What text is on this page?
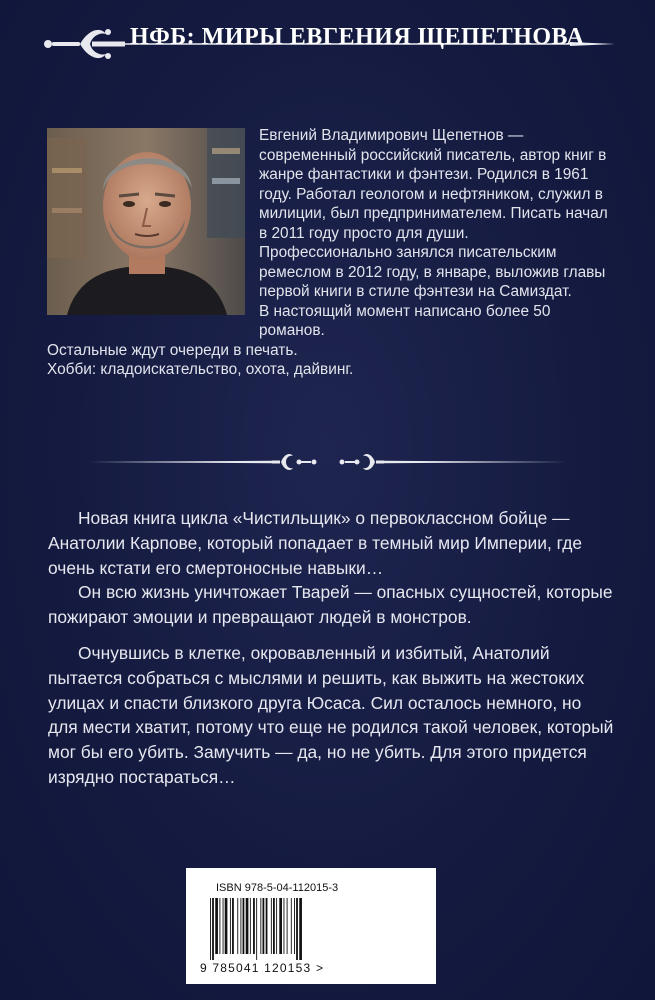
НФБ: МИРЫ ЕВГЕНИЯ ЩЕПЕТНОВА

Евгений Владимирович Щепетнов — современный российский писатель, автор книг в жанре фантастики и фэнтези. Родился в 1961 году. Работал геологом и нефтяником, служил в милиции, был предпринимателем. Писать начал в 2011 году просто для души.

Профессионально занялся писательским ремеслом в 2012 году, в январе, выложив главы первой книги в стиле фэнтези на Самиздат.

В настоящий момент написано более 50 романов.

Остальные ждут очереди в печать.

Хобби: кладоискательство, охота, дайвинг.

Новая книга цикла «Чистильщик» о первоклассном бойце — Анатолии Карпове, который попадает в темный мир Империи, где очень кстати его смертоносные навыки…

Он всю жизнь уничтожает Тварей — опасных сущностей, которые пожирают эмоции и превращают людей в монстров.

Очнувшись в клетке, окровавленный и избитый, Анатолий пытается собраться с мыслями и решить, как выжить на жестоких улицах и спасти близкого друга Юсаса. Сил осталось немного, но для мести хватит, потому что еще не родился такой человек, который мог бы его убить. Замучить — да, но не убить. Для этого придется изрядно постараться…

ISBN 978-5-04-112015-3
9 785041 120153 >
